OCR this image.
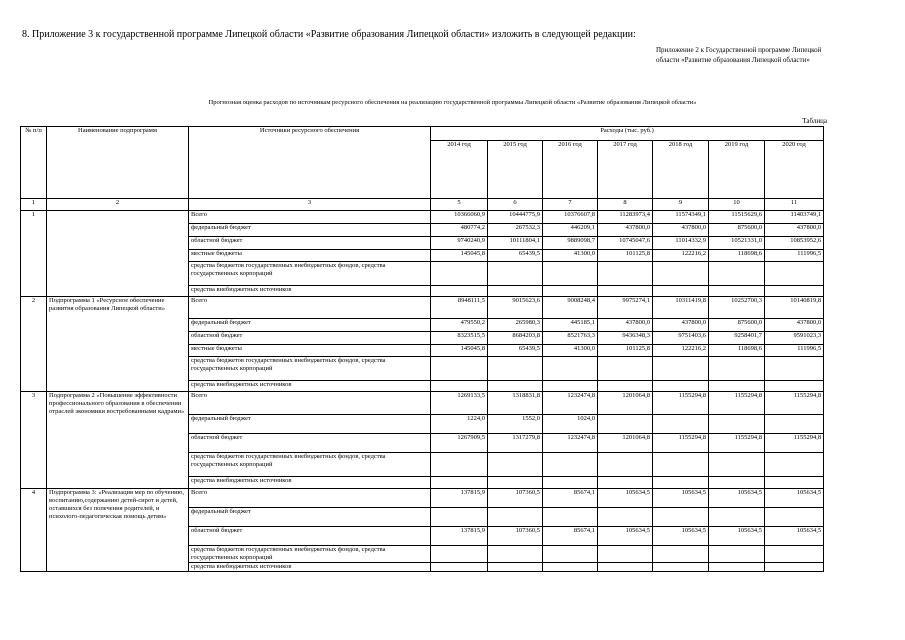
8. Приложение 3 к государственной программе Липецкой области «Развитие образования Липецкой области» изложить в следующей редакции:
Приложение 2 к Государственной программе Липецкой области «Развитие образования Липецкой области»
Прогнозная оценка расходов по источникам ресурсного обеспечения на реализацию государственной программы Липецкой области «Развитие образования Липецкой области»
Таблица
№ п/п	Наименование подпрограмм	Источники ресурсного обеспечения	Расходы (тыс. руб.)						
			2014 год	2015 год	2016 год	2017 год	2018 год	2019 год	2020 год
1	2	3	5	6	7	8	9	10	11
1		Всего	10366060,9	10444775,9	10376607,8	11283973,4	11574349,1	11515629,6	11403749,1
		федеральный бюджет	480774,2	267532,3	446209,1	437800,0	437800,0	875600,0	437800,0
		областной бюджет	9740240,9	10111804,1	9889098,7	10745047,6	11014332,9	10521331,0	10853952,6
		местные бюджеты	145045,8	65439,5	41300,0	101125,8	122216,2	118698,6	111996,5
		средства бюджетов государственных внебюджетных фондов, средства государственных корпораций							
		средства внебюджетных источников							
2	Подпрограмма 1 «Ресурсное обеспечение развития образования Липецкой области»	Всего	8948111,5	9015623,6	9008248,4	9975274,1	10311419,8	10252700,3	10140819,8
		федеральный бюджет	479550,2	265980,3	445185,1	437800,0	437800,0	875600,0	437800,0
		областной бюджет	8323515,5	8684203,8	8521763,3	9436348,3	9751403,6	9258401,7	9591023,3
		местные бюджеты	145045,8	65439,5	41300,0	101125,8	122216,2	118698,6	111996,5
		средства бюджетов государственных внебюджетных фондов, средства государственных корпораций							
		средства внебюджетных источников							
3	Подпрограмма 2 «Повышение эффективности профессионального образования в обеспечении отраслей экономики востребованными кадрами»	Всего	1269133,5	1318831,8	1232474,8	1201064,8	1155294,8	1155294,8	1155294,8
		федеральный бюджет	1224,0	1552,0	1024,0				
		областной бюджет	1267909,5	1317279,8	1232474,8	1201064,8	1155294,8	1155294,8	1155294,8
		средства бюджетов государственных внебюджетных фондов, средства государственных корпораций							
		средства внебюджетных источников							
4	Подпрограмма 3: «Реализация мер по обучению, воспитанию,содержанию детей-сирот и детей, оставшихся без попечения родителей, и психолого-педагогическая помощь детям»	Всего	137815,9	107360,5	85674,1	105634,5	105634,5	105634,5	105634,5
		федеральный бюджет							
		областной бюджет	137815,9	107360,5	85674,1	105634,5	105634,5	105634,5	105634,5
		средства бюджетов государственных внебюджетных фондов, средства государственных корпораций							
		средства внебюджетных источников							
